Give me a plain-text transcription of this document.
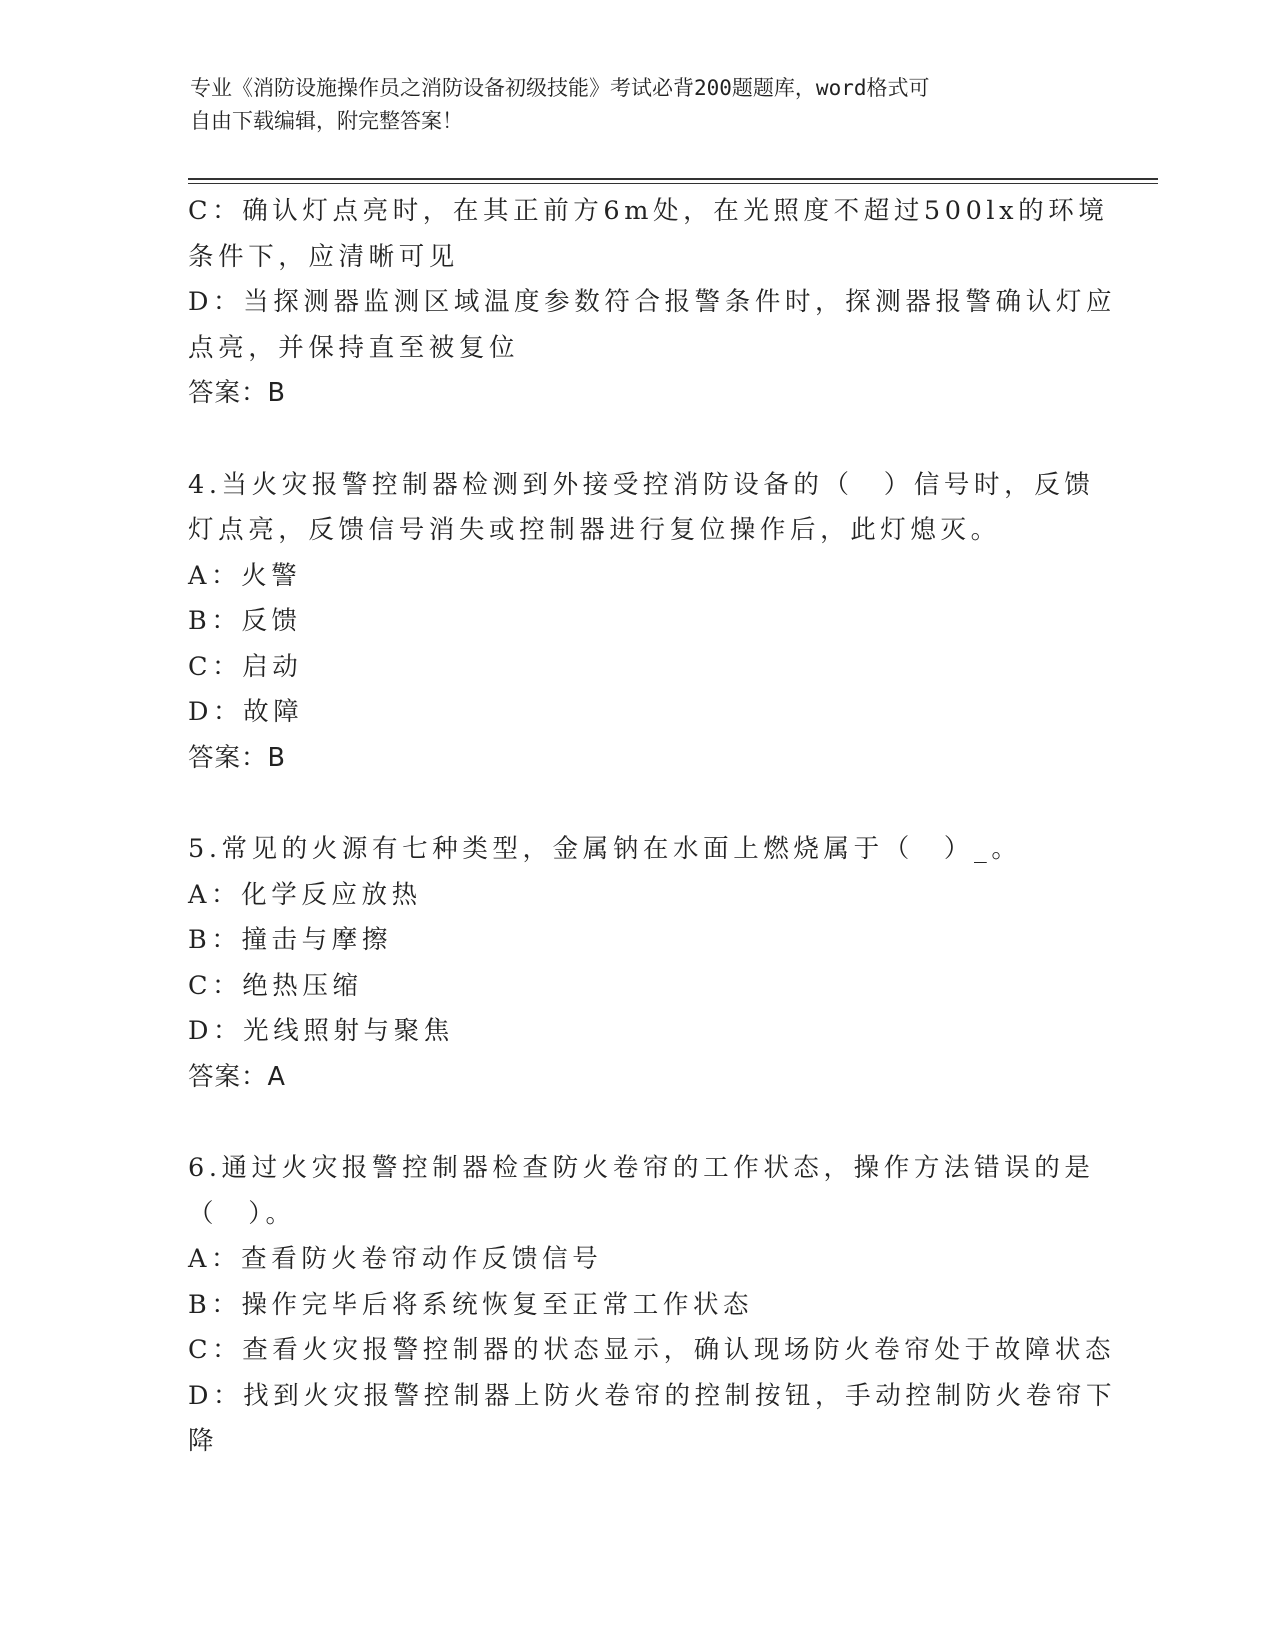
专业《消防设施操作员之消防设备初级技能》考试必背200题题库，word格式可
自由下载编辑，附完整答案！
C：确认灯点亮时，在其正前方6m处，在光照度不超过500lx的环境
条件下，应清晰可见
D：当探测器监测区域温度参数符合报警条件时，探测器报警确认灯应
点亮，并保持直至被复位
答案：B
4.当火灾报警控制器检测到外接受控消防设备的（　）信号时，反馈
灯点亮，反馈信号消失或控制器进行复位操作后，此灯熄灭。
A：火警
B：反馈
C：启动
D：故障
答案：B
5.常见的火源有七种类型，金属钠在水面上燃烧属于（　）_。
A：化学反应放热
B：撞击与摩擦
C：绝热压缩
D：光线照射与聚焦
答案：A
6.通过火灾报警控制器检查防火卷帘的工作状态，操作方法错误的是
（　）。
A：查看防火卷帘动作反馈信号
B：操作完毕后将系统恢复至正常工作状态
C：查看火灾报警控制器的状态显示，确认现场防火卷帘处于故障状态
D：找到火灾报警控制器上防火卷帘的控制按钮，手动控制防火卷帘下
降
